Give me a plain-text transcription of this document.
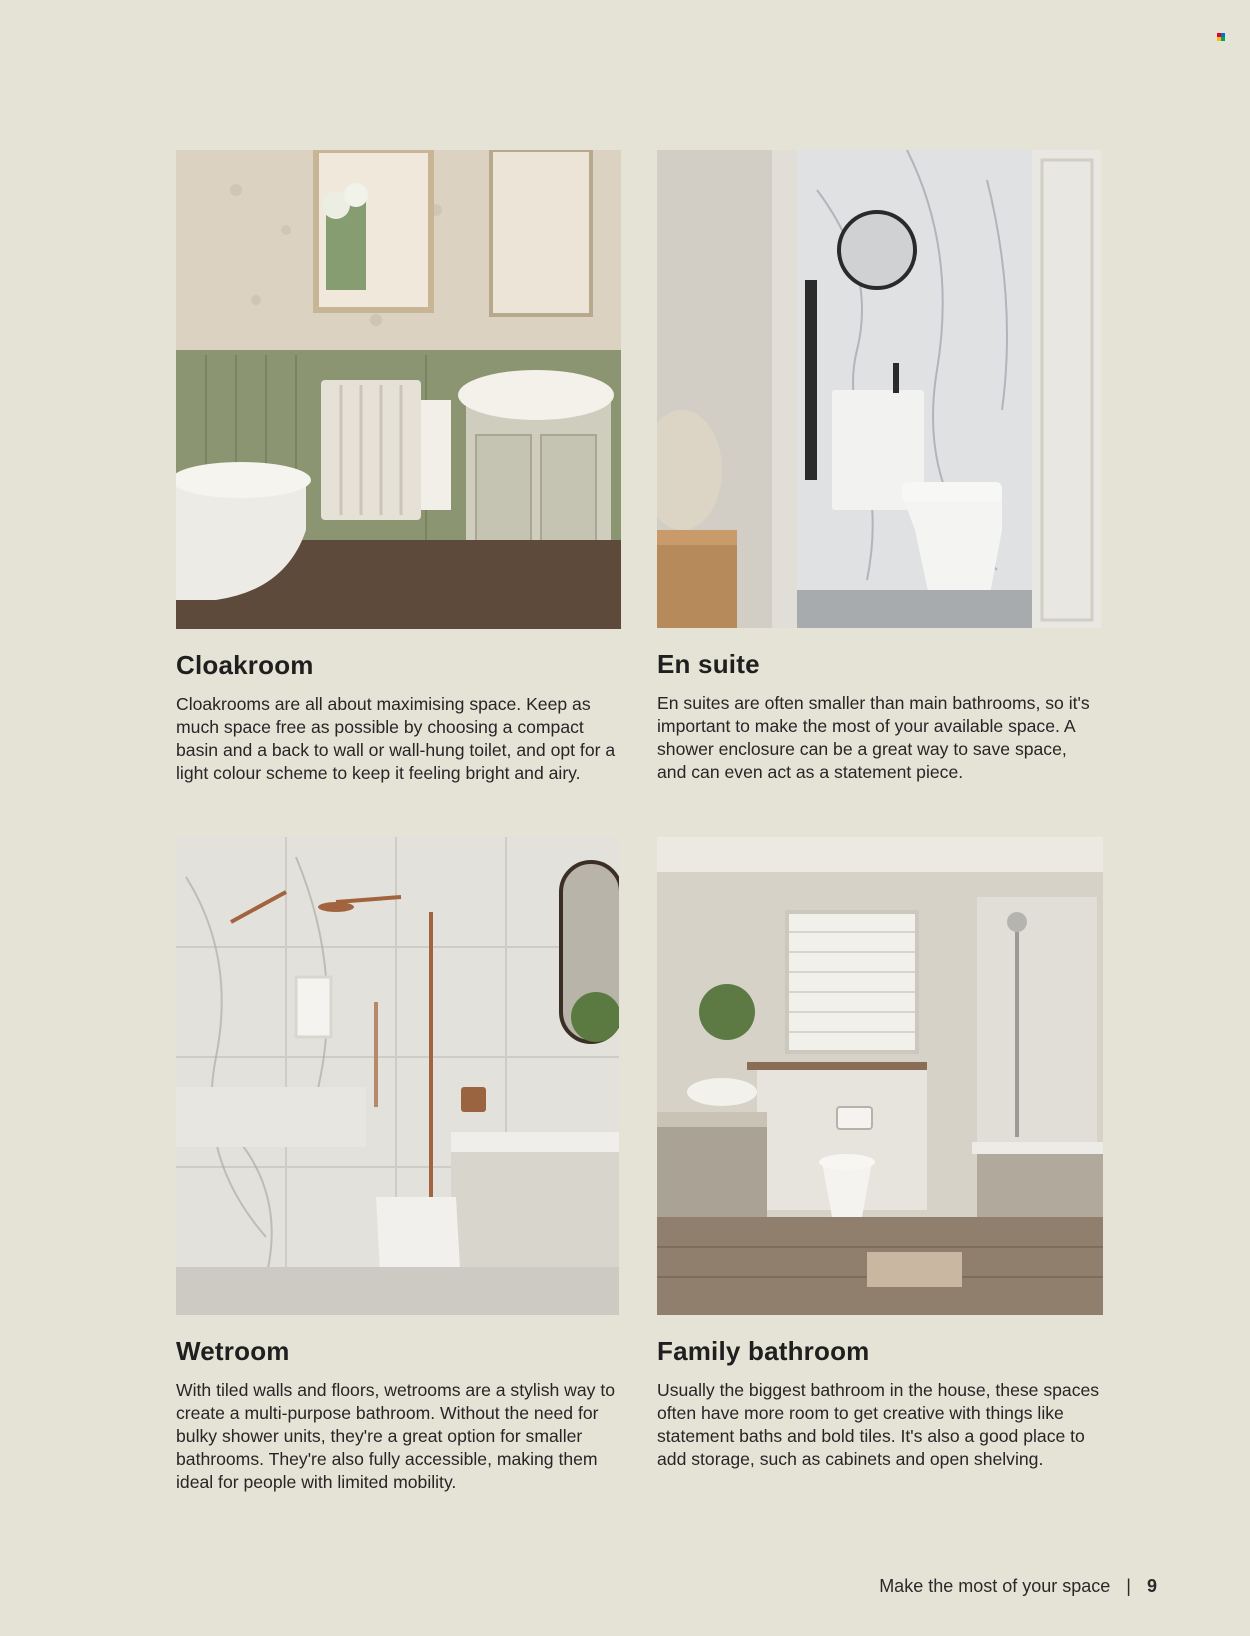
Cloakroom

Cloakrooms are all about maximising space. Keep as much space free as possible by choosing a compact basin and a back to wall or wall-hung toilet, and opt for a light colour scheme to keep it feeling bright and airy.

En suite

En suites are often smaller than main bathrooms, so it's important to make the most of your available space. A shower enclosure can be a great way to save space, and can even act as a statement piece.

Wetroom

With tiled walls and floors, wetrooms are a stylish way to create a multi-purpose bathroom. Without the need for bulky shower units, they're a great option for smaller bathrooms. They're also fully accessible, making them ideal for people with limited mobility.

Family bathroom

Usually the biggest bathroom in the house, these spaces often have more room to get creative with things like statement baths and bold tiles. It's also a good place to add storage, such as cabinets and open shelving.

Make the most of your space | 9
